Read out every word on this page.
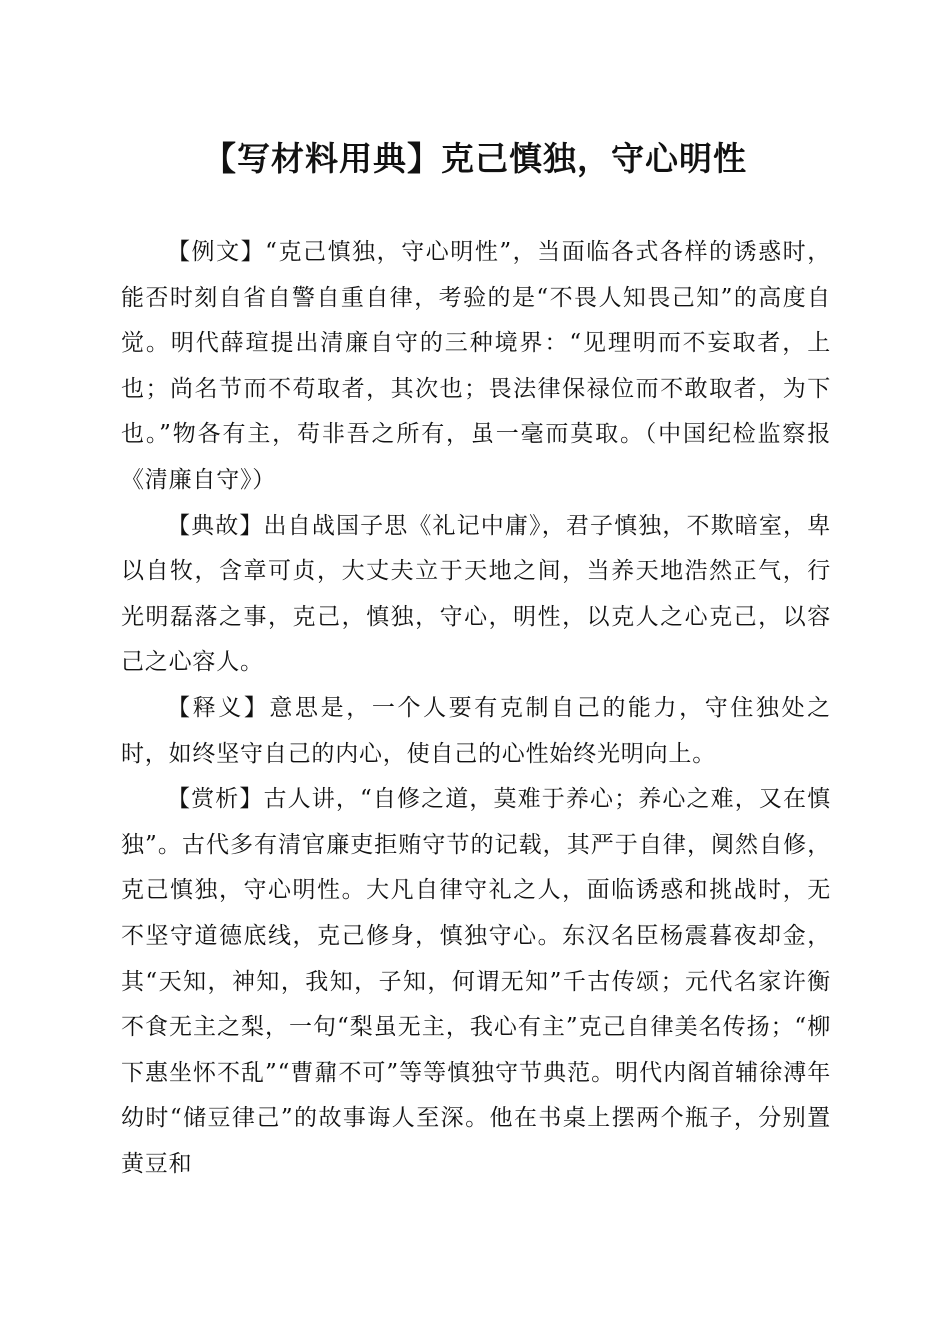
【写材料用典】克己慎独，守心明性

【例文】“克己慎独，守心明性”，当面临各式各样的诱惑时，能否时刻自省自警自重自律，考验的是“不畏人知畏己知”的高度自觉。明代薛瑄提出清廉自守的三种境界：“见理明而不妄取者，上也；尚名节而不苟取者，其次也；畏法律保禄位而不敢取者，为下也。”物各有主，苟非吾之所有，虽一毫而莫取。（中国纪检监察报《清廉自守》）

【典故】出自战国子思《礼记中庸》，君子慎独，不欺暗室，卑以自牧，含章可贞，大丈夫立于天地之间，当养天地浩然正气，行光明磊落之事，克己，慎独，守心，明性，以克人之心克己，以容己之心容人。

【释义】意思是，一个人要有克制自己的能力，守住独处之时，如终坚守自己的内心，使自己的心性始终光明向上。

【赏析】古人讲，“自修之道，莫难于养心；养心之难，又在慎独”。古代多有清官廉吏拒贿守节的记载，其严于自律，阒然自修，克己慎独，守心明性。大凡自律守礼之人，面临诱惑和挑战时，无不坚守道德底线，克己修身，慎独守心。东汉名臣杨震暮夜却金，其“天知，神知，我知，子知，何谓无知”千古传颂；元代名家许衡不食无主之梨，一句“梨虽无主，我心有主”克己自律美名传扬；“柳下惠坐怀不乱”“曹鼐不可”等等慎独守节典范。明代内阁首辅徐溥年幼时“储豆律己”的故事诲人至深。他在书桌上摆两个瓶子，分别置黄豆和
